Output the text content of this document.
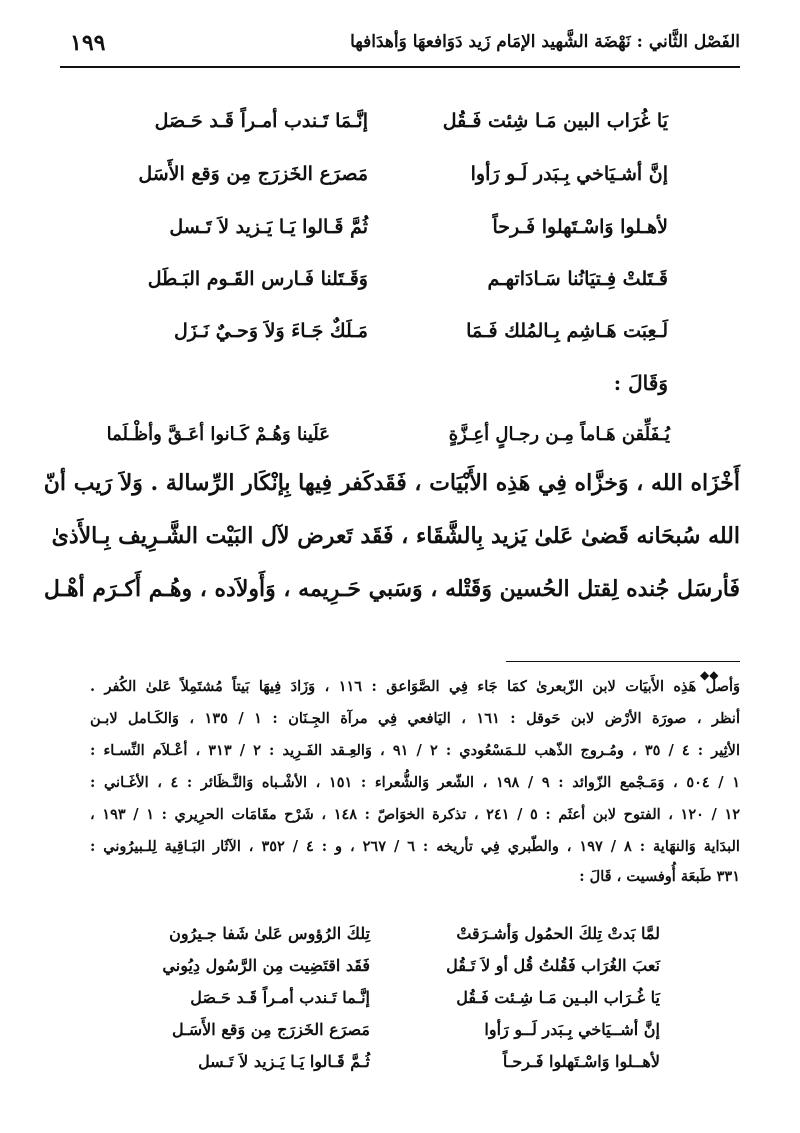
الفَصْل الثَّاني : نَهْضَة الشَّهيد الإمَام زَيد دَوَافعهَا وَأهدَافها
١٩٩
يَا غُرَاب البين مَـا شِئت فَـقُل
إنَّـمَا تَـندب أمـراً قَـد حَـصَل
إنَّ أشـيَاخي بِـبَدر لَـو رَأوا
مَصرَع الخَزرَج مِن وَقع الأَسَل
لأهـلوا وَاسْـتَهلوا فَـرحاً
ثُمَّ قَـالوا يَـا يَـزيد لاَ تَـسل
قَـتَلتْ فِـتيَانُنا سَـادَاتهـم
وَقَـتَلنا فَـارس القَـوم البَـطَل
لَـعِبَت هَـاشِم بِـالمُلك فَـمَا
مَـلَكٌ جَـاءَ وَلاَ وَحـيٌ نَـزَل
وَقَالَ :
يُـفَلِّقن هَـاماً مِـن رجـالٍ أعِـزَّةٍ
عَلَينا وَهُـمْ كَـانوا أعَـقَّ وأظْـلَما
أَخْزَاه الله ، وَخزَّاه فِي هَذِه الأَبْيَات ، فَقَدكَفر فِيها بِإنْكَار الرِّسالة . وَلاَ رَيب أنّ
الله سُبحَانه قَضىٰ عَلىٰ يَزيد بِالشَّقَاء ، فَقَد تَعرض لآل البَيْت الشَّـرِيف بِـالأَذىٰ
فَأرسَل جُنده لِقتل الحُسين وَقَتْله ، وَسَبي حَـرِيمه ، وَأَولاَده ، وهُـم أَكـرَم أهْـل
◆◆
وَأصل هَذِه الأَبيَات لابن الزّبعرىٰ كمَا جَاء فِي الصَّوَاعق : ١١٦ ، وَزَادَ فِيهَا بَيتاً مُشتَمِلاً عَلىٰ الكُفر .
أنظر ، صورَة الأرْض لابن حَوقل : ١٦١ ، اليَافعي فِي مرآة الجِـنَان : ١ / ١٣٥ ، وَالكَـامل لابـن
الأثِير : ٤ / ٣٥ ، ومُـروج الذّهب للـمَسْعُودي : ٢ / ٩١ ، وَالعِـقد الفَـرِيد : ٢ / ٣١٣ ، أعْـلاَم النِّسـاء :
١ / ٥٠٤ ، وَمَـجْمع الزّوائد : ٩ / ١٩٨ ، الشّعر وَالشُّعراء : ١٥١ ، الأشْـباه وَالنَّـظَائر : ٤ ، الأغَـاني :
١٢ / ١٢٠ ، الفتوح لابن أعثَم : ٥ / ٢٤١ ، تذكرة الخوَاصّ : ١٤٨ ، شَرْح مقَامَات الحرِيري : ١ / ١٩٣ ،
البدَاية وَالنهَاية : ٨ / ١٩٧ ، والطّبري فِي تأريخه : ٦ / ٢٦٧ ، و : ٤ / ٣٥٢ ، الآثَار البَـاقِية لِلـبيرُوني :
٣٣١ طَبعَة أُوفسيت ، قَالَ :
لمَّا بَدتْ تِلكَ الحمُول وَأشـرَقتْ
تِلكَ الرُؤوس عَلىٰ شَفا جـيرُون
نَعبَ الغُرَاب فَقُلتُ قُل أو لاَ تَـقُل
فَقَد اقتَضِيت مِن الرَّسُول دِيُوني
يَا غُـرَاب البـين مَـا شِـئت فَـقُل
إنَّـما تَـندب أمـراً قَـد حَـصَل
إنَّ أشــيَاخي بِـبَدر لَــو رَأوا
مَصرَع الخَزرَج مِن وَقع الأَسَـل
لأهــلوا وَاسْـتَهلوا فَـرحـاً
ثُـمَّ قَـالوا يَـا يَـزيد لاَ تَـسل
